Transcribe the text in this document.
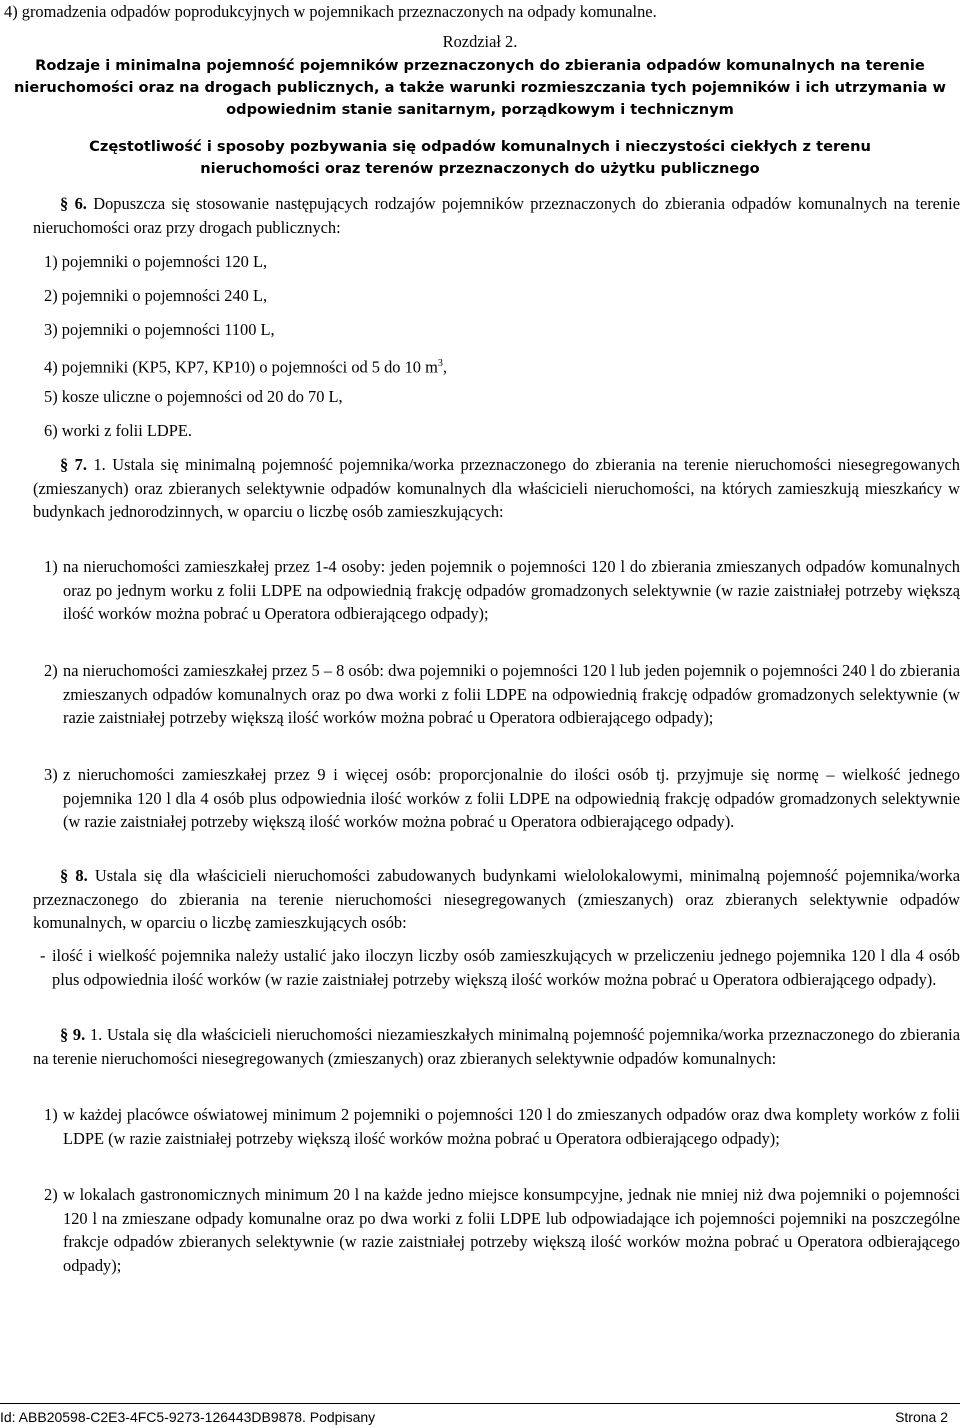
4) gromadzenia odpadów poprodukcyjnych w pojemnikach przeznaczonych na odpady komunalne.

Rozdział 2.

Rodzaje i minimalna pojemność pojemników przeznaczonych do zbierania odpadów komunalnych na terenie nieruchomości oraz na drogach publicznych, a także warunki rozmieszczania tych pojemników i ich utrzymania w odpowiednim stanie sanitarnym, porządkowym i technicznym

Częstotliwość i sposoby pozbywania się odpadów komunalnych i nieczystości ciekłych z terenu nieruchomości oraz terenów przeznaczonych do użytku publicznego

§ 6. Dopuszcza się stosowanie następujących rodzajów pojemników przeznaczonych do zbierania odpadów komunalnych na terenie nieruchomości oraz przy drogach publicznych:

1) pojemniki o pojemności 120 L,

2) pojemniki o pojemności 240 L,

3) pojemniki o pojemności 1100 L,

4) pojemniki (KP5, KP7, KP10) o pojemności od 5 do 10 $m^3$,

5) kosze uliczne o pojemności od 20 do 70 L,

6) worki z folii LDPE.

§ 7. 1. Ustala się minimalną pojemność pojemnika/worka przeznaczonego do zbierania na terenie nieruchomości niesegregowanych (zmieszanych) oraz zbieranych selektywnie odpadów komunalnych dla właścicieli nieruchomości, na których zamieszkują mieszkańcy w budynkach jednorodzinnych, w oparciu o liczbę osób zamieszkujących:

1) na nieruchomości zamieszkałej przez 1-4 osoby: jeden pojemnik o pojemności 120 l do zbierania zmieszanych odpadów komunalnych oraz po jednym worku z folii LDPE na odpowiednią frakcję odpadów gromadzonych selektywnie (w razie zaistniałej potrzeby większą ilość worków można pobrać u Operatora odbierającego odpady);
2) na nieruchomości zamieszkałej przez 5 – 8 osób: dwa pojemniki o pojemności 120 l lub jeden pojemnik o pojemności 240 l do zbierania zmieszanych odpadów komunalnych oraz po dwa worki z folii LDPE na odpowiednią frakcję odpadów gromadzonych selektywnie (w razie zaistniałej potrzeby większą ilość worków można pobrać u Operatora odbierającego odpady);
3) z nieruchomości zamieszkałej przez 9 i więcej osób: proporcjonalnie do ilości osób tj. przyjmuje się normę – wielkość jednego pojemnika 120 l dla 4 osób plus odpowiednia ilość worków z folii LDPE na odpowiednią frakcję odpadów gromadzonych selektywnie (w razie zaistniałej potrzeby większą ilość worków można pobrać u Operatora odbierającego odpady).

§ 8. Ustala się dla właścicieli nieruchomości zabudowanych budynkami wielolokalowymi, minimalną pojemność pojemnika/worka przeznaczonego do zbierania na terenie nieruchomości niesegregowanych (zmieszanych) oraz zbieranych selektywnie odpadów komunalnych, w oparciu o liczbę zamieszkujących osób:

- ilość i wielkość pojemnika należy ustalić jako iloczyn liczby osób zamieszkujących w przeliczeniu jednego pojemnika 120 l dla 4 osób plus odpowiednia ilość worków (w razie zaistniałej potrzeby większą ilość worków można pobrać u Operatora odbierającego odpady).

§ 9. 1. Ustala się dla właścicieli nieruchomości niezamieszkałych minimalną pojemność pojemnika/worka przeznaczonego do zbierania na terenie nieruchomości niesegregowanych (zmieszanych) oraz zbieranych selektywnie odpadów komunalnych:

1) w każdej placówce oświatowej minimum 2 pojemniki o pojemności 120 l do zmieszanych odpadów oraz dwa komplety worków z folii LDPE (w razie zaistniałej potrzeby większą ilość worków można pobrać u Operatora odbierającego odpady);
2) w lokalach gastronomicznych minimum 20 l na każde jedno miejsce konsumpcyjne, jednak nie mniej niż dwa pojemniki o pojemności 120 l na zmieszane odpady komunalne oraz po dwa worki z folii LDPE lub odpowiadające ich pojemności pojemniki na poszczególne frakcje odpadów zbieranych selektywnie (w razie zaistniałej potrzeby większą ilość worków można pobrać u Operatora odbierającego odpady);
Id: ABB20598-C2E3-4FC5-9273-126443DB9878. Podpisany	Strona 2
